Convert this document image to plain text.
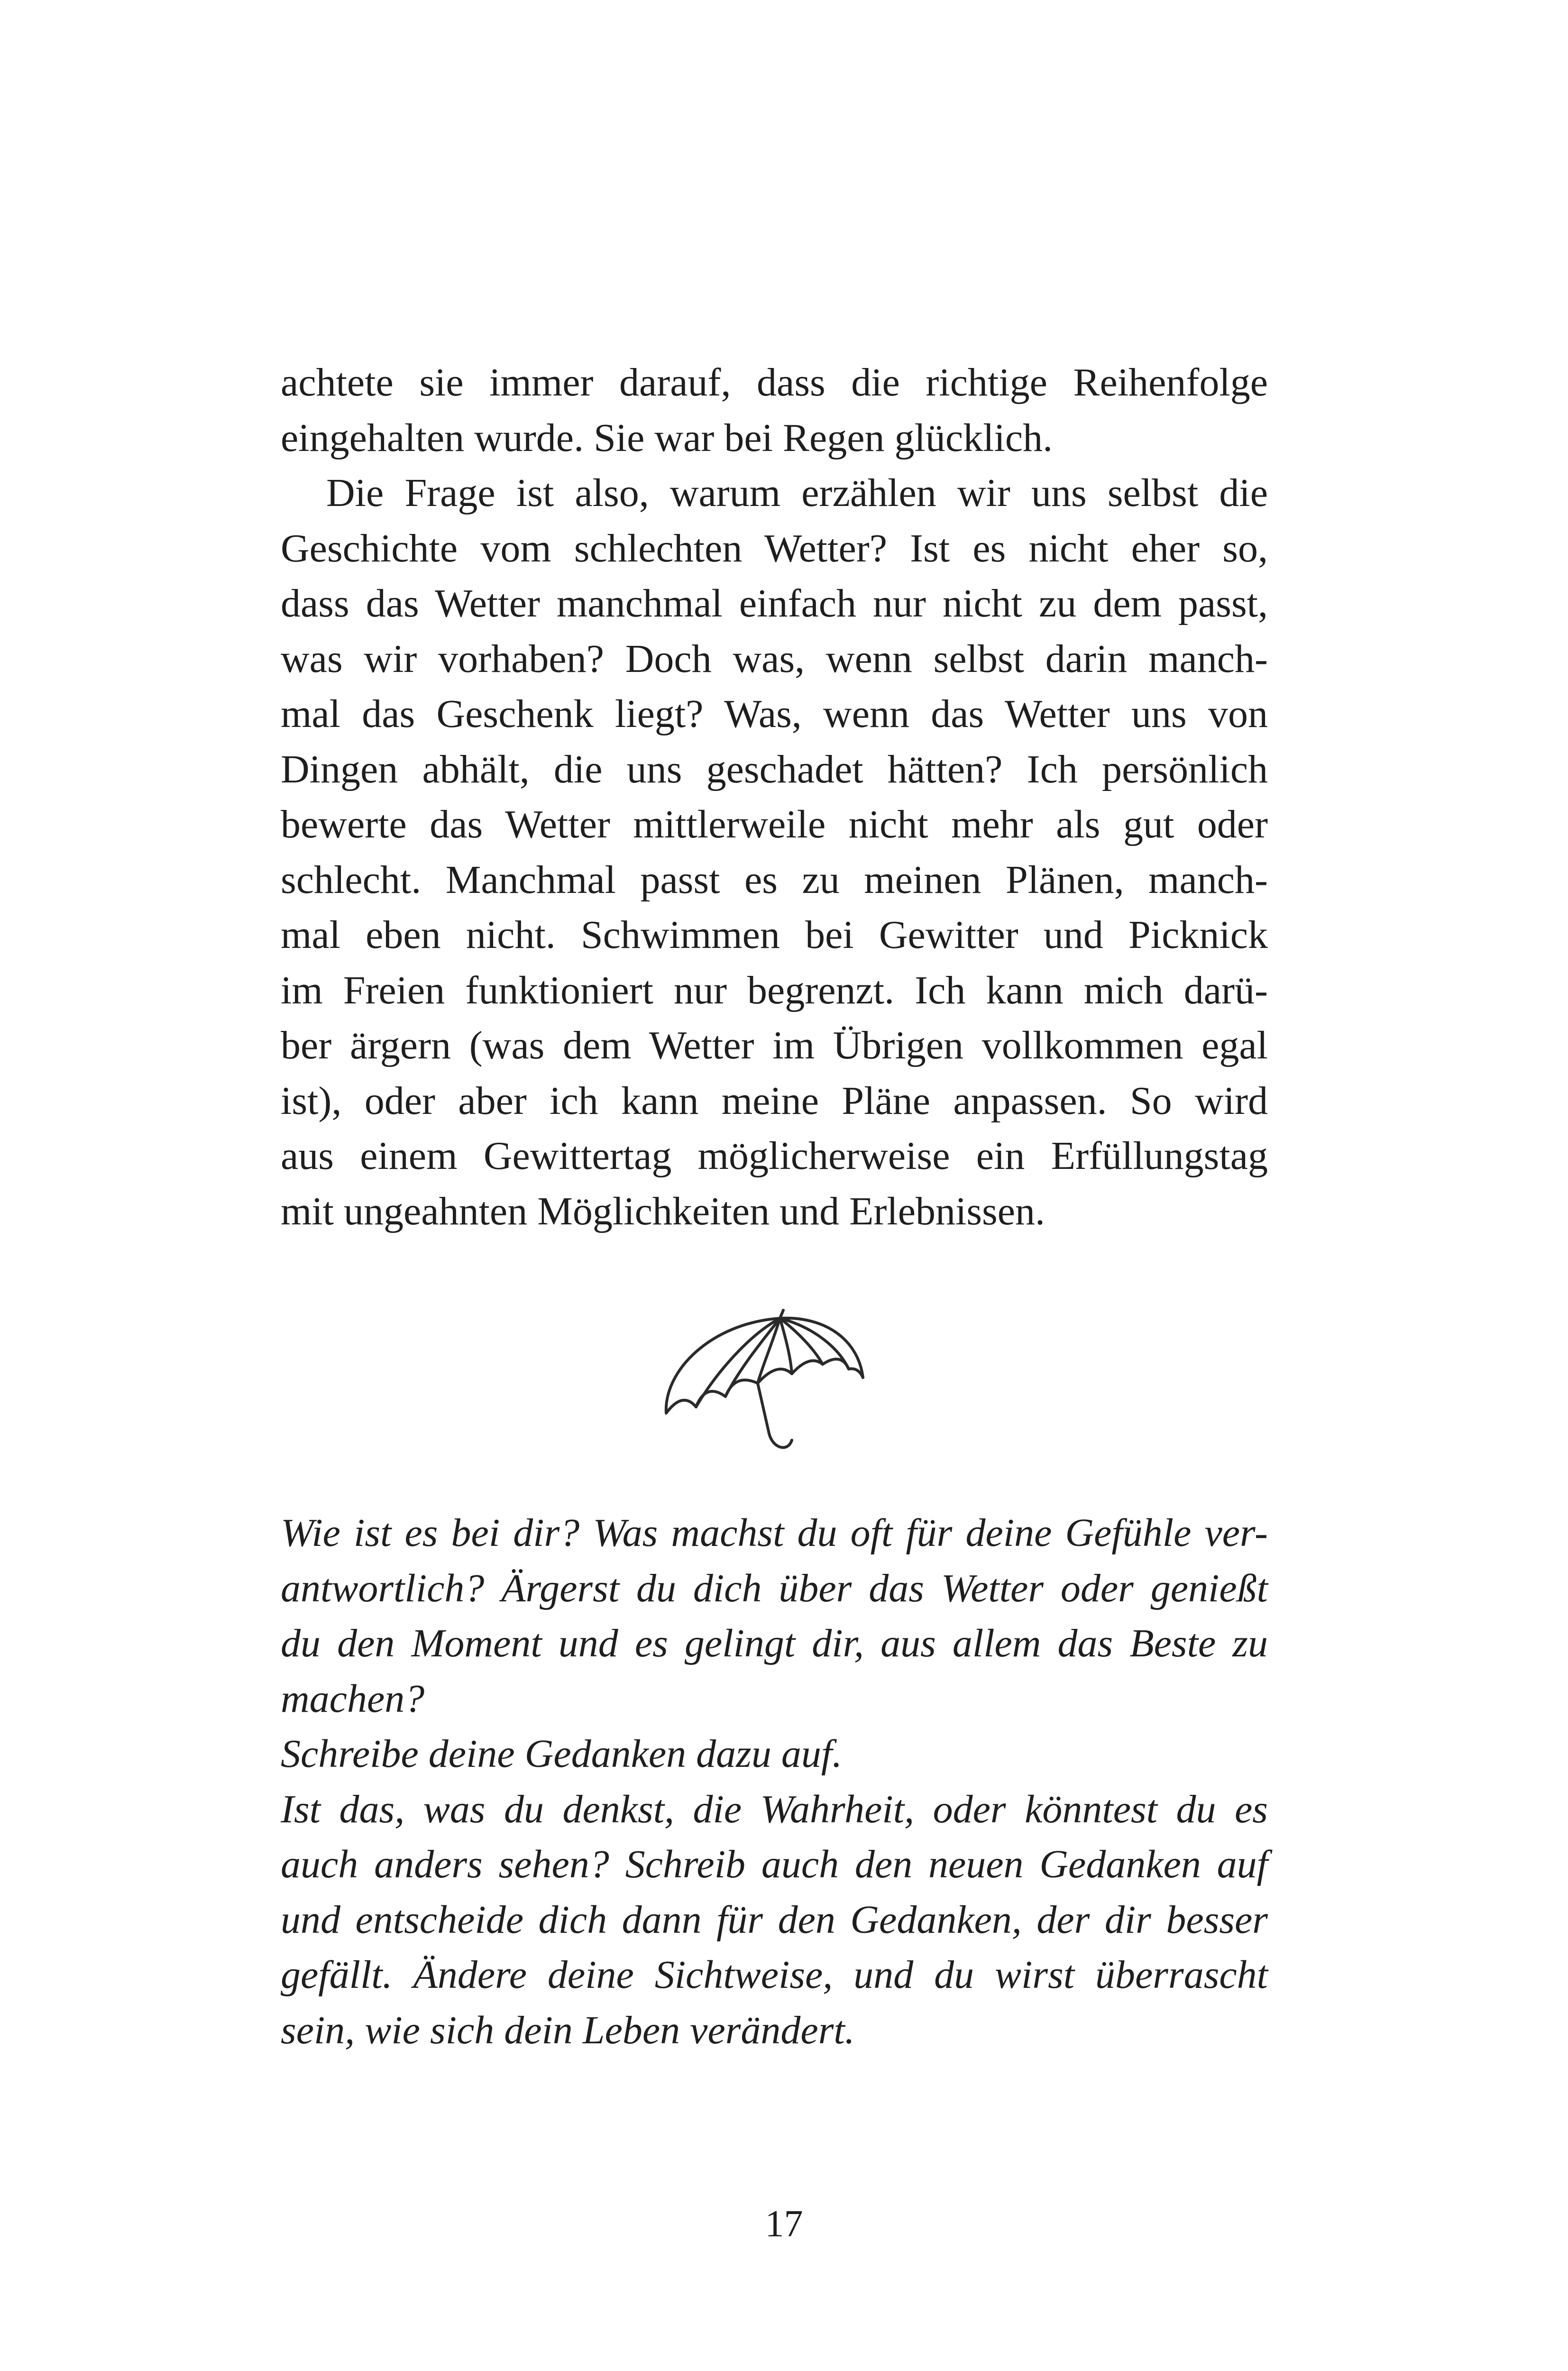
achtete sie immer darauf, dass die richtige Reihenfolge
eingehalten wurde. Sie war bei Regen glücklich.
Die Frage ist also, warum erzählen wir uns selbst die
Geschichte vom schlechten Wetter? Ist es nicht eher so,
dass das Wetter manchmal einfach nur nicht zu dem passt,
was wir vorhaben? Doch was, wenn selbst darin manch-
mal das Geschenk liegt? Was, wenn das Wetter uns von
Dingen abhält, die uns geschadet hätten? Ich persönlich
bewerte das Wetter mittlerweile nicht mehr als gut oder
schlecht. Manchmal passt es zu meinen Plänen, manch-
mal eben nicht. Schwimmen bei Gewitter und Picknick
im Freien funktioniert nur begrenzt. Ich kann mich darü-
ber ärgern (was dem Wetter im Übrigen vollkommen egal
ist), oder aber ich kann meine Pläne anpassen. So wird
aus einem Gewittertag möglicherweise ein Erfüllungstag
mit ungeahnten Möglichkeiten und Erlebnissen.
Wie ist es bei dir? Was machst du oft für deine Gefühle ver-
antwortlich? Ärgerst du dich über das Wetter oder genießt
du den Moment und es gelingt dir, aus allem das Beste zu
machen?
Schreibe deine Gedanken dazu auf.
Ist das, was du denkst, die Wahrheit, oder könntest du es
auch anders sehen? Schreib auch den neuen Gedanken auf
und entscheide dich dann für den Gedanken, der dir besser
gefällt. Ändere deine Sichtweise, und du wirst überrascht
sein, wie sich dein Leben verändert.
17
